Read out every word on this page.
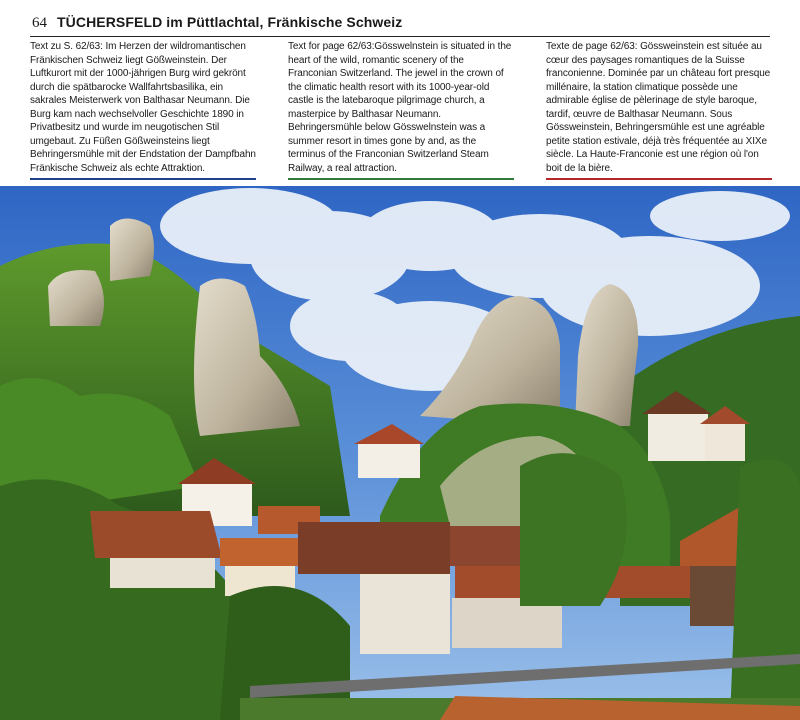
64 TÜCHERSFELD im Püttlachtal, Fränkische Schweiz

Text zu S. 62/63: Im Herzen der wildromantischen Fränkischen Schweiz liegt Gößweinstein. Der Luftkurort mit der 1000-jährigen Burg wird gekrönt durch die spätbarocke Wallfahrtsbasilika, ein sakrales Meisterwerk von Balthasar Neumann. Die Burg kam nach wechselvoller Geschichte 1890 in Privatbesitz und wurde im neugotischen Stil umgebaut. Zu Füßen Gößweinsteins liegt Behringersmühle mit der Endstation der Dampfbahn Fränkische Schweiz als echte Attraktion.

Text for page 62/63:Gösswelnstein is situated in the heart of the wild, romantic scenery of the Franconian Switzerland. The jewel in the crown of the climatic health resort with its 1000-year-old castle is the latebaroque pilgrimage church, a masterpice by Balthasar Neumann. Behringersmühle below Gösswelnstein was a summer resort in times gone by and, as the terminus of the Franconian Switzerland Steam Railway, a real attraction.

Texte de page 62/63: Gössweinstein est située au cœur des paysages romantiques de la Suisse franconienne. Dominée par un château fort presque millénaire, la station climatique possède une admirable église de pèlerinage de style baroque, tardif, œuvre de Balthasar Neumann. Sous Gössweinstein, Behringersmühle est une agréable petite station estivale, déjà très fréquentée au XIXe siècle. La Haute-Franconie est une région où l'on boit de la bière.
